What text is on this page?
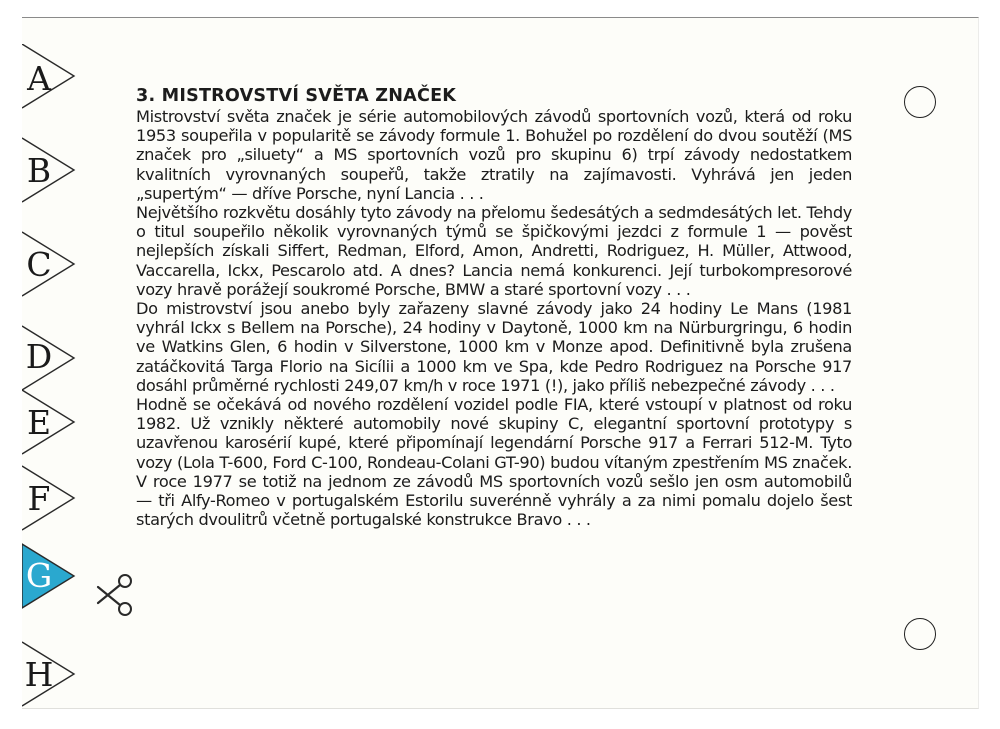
A
B
C
D
E
F
G
H
3. MISTROVSTVÍ SVĚTA ZNAČEK

Mistrovství světa značek je série automobilových závodů sportovních vozů, která od roku 1953 soupeřila v popularitě se závody formule 1. Bohužel po rozdělení do dvou soutěží (MS značek pro „siluety“ a MS sportovních vozů pro skupinu 6) trpí závody nedostatkem kvalitních vyrovnaných soupeřů, takže ztratily na zajímavosti. Vyhrává jen jeden „supertým“ — dříve Porsche, nyní Lancia . . .

Největšího rozkvětu dosáhly tyto závody na přelomu šedesátých a sedmdesátých let. Tehdy o titul soupeřilo několik vyrovnaných týmů se špičkovými jezdci z formule 1 — pověst nejlepších získali Siffert, Redman, Elford, Amon, Andretti, Rodriguez, H. Müller, Attwood, Vaccarella, Ickx, Pescarolo atd. A dnes? Lancia nemá konkurenci. Její turbokompresorové vozy hravě porážejí soukromé Porsche, BMW a staré sportovní vozy . . .

Do mistrovství jsou anebo byly zařazeny slavné závody jako 24 hodiny Le Mans (1981 vyhrál Ickx s Bellem na Porsche), 24 hodiny v Daytoně, 1000 km na Nürburgringu, 6 hodin ve Watkins Glen, 6 hodin v Silverstone, 1000 km v Monze apod. Definitivně byla zrušena zatáčkovitá Targa Florio na Sicílii a 1000 km ve Spa, kde Pedro Rodriguez na Porsche 917 dosáhl průměrné rychlosti 249,07 km/h v roce 1971 (!), jako příliš nebezpečné závody . . .

Hodně se očekává od nového rozdělení vozidel podle FIA, které vstoupí v platnost od roku 1982. Už vznikly některé automobily nové skupiny C, elegantní sportovní prototypy s uzavřenou karosérií kupé, které připomínají legendární Porsche 917 a Ferrari 512-M. Tyto vozy (Lola T-600, Ford C-100, Rondeau-Colani GT-90) budou vítaným zpestřením MS značek. V roce 1977 se totiž na jednom ze závodů MS sportovních vozů sešlo jen osm automobilů — tři Alfy-Romeo v portugalském Estorilu suverénně vyhrály a za nimi pomalu dojelo šest starých dvoulitrů včetně portugalské konstrukce Bravo . . .
